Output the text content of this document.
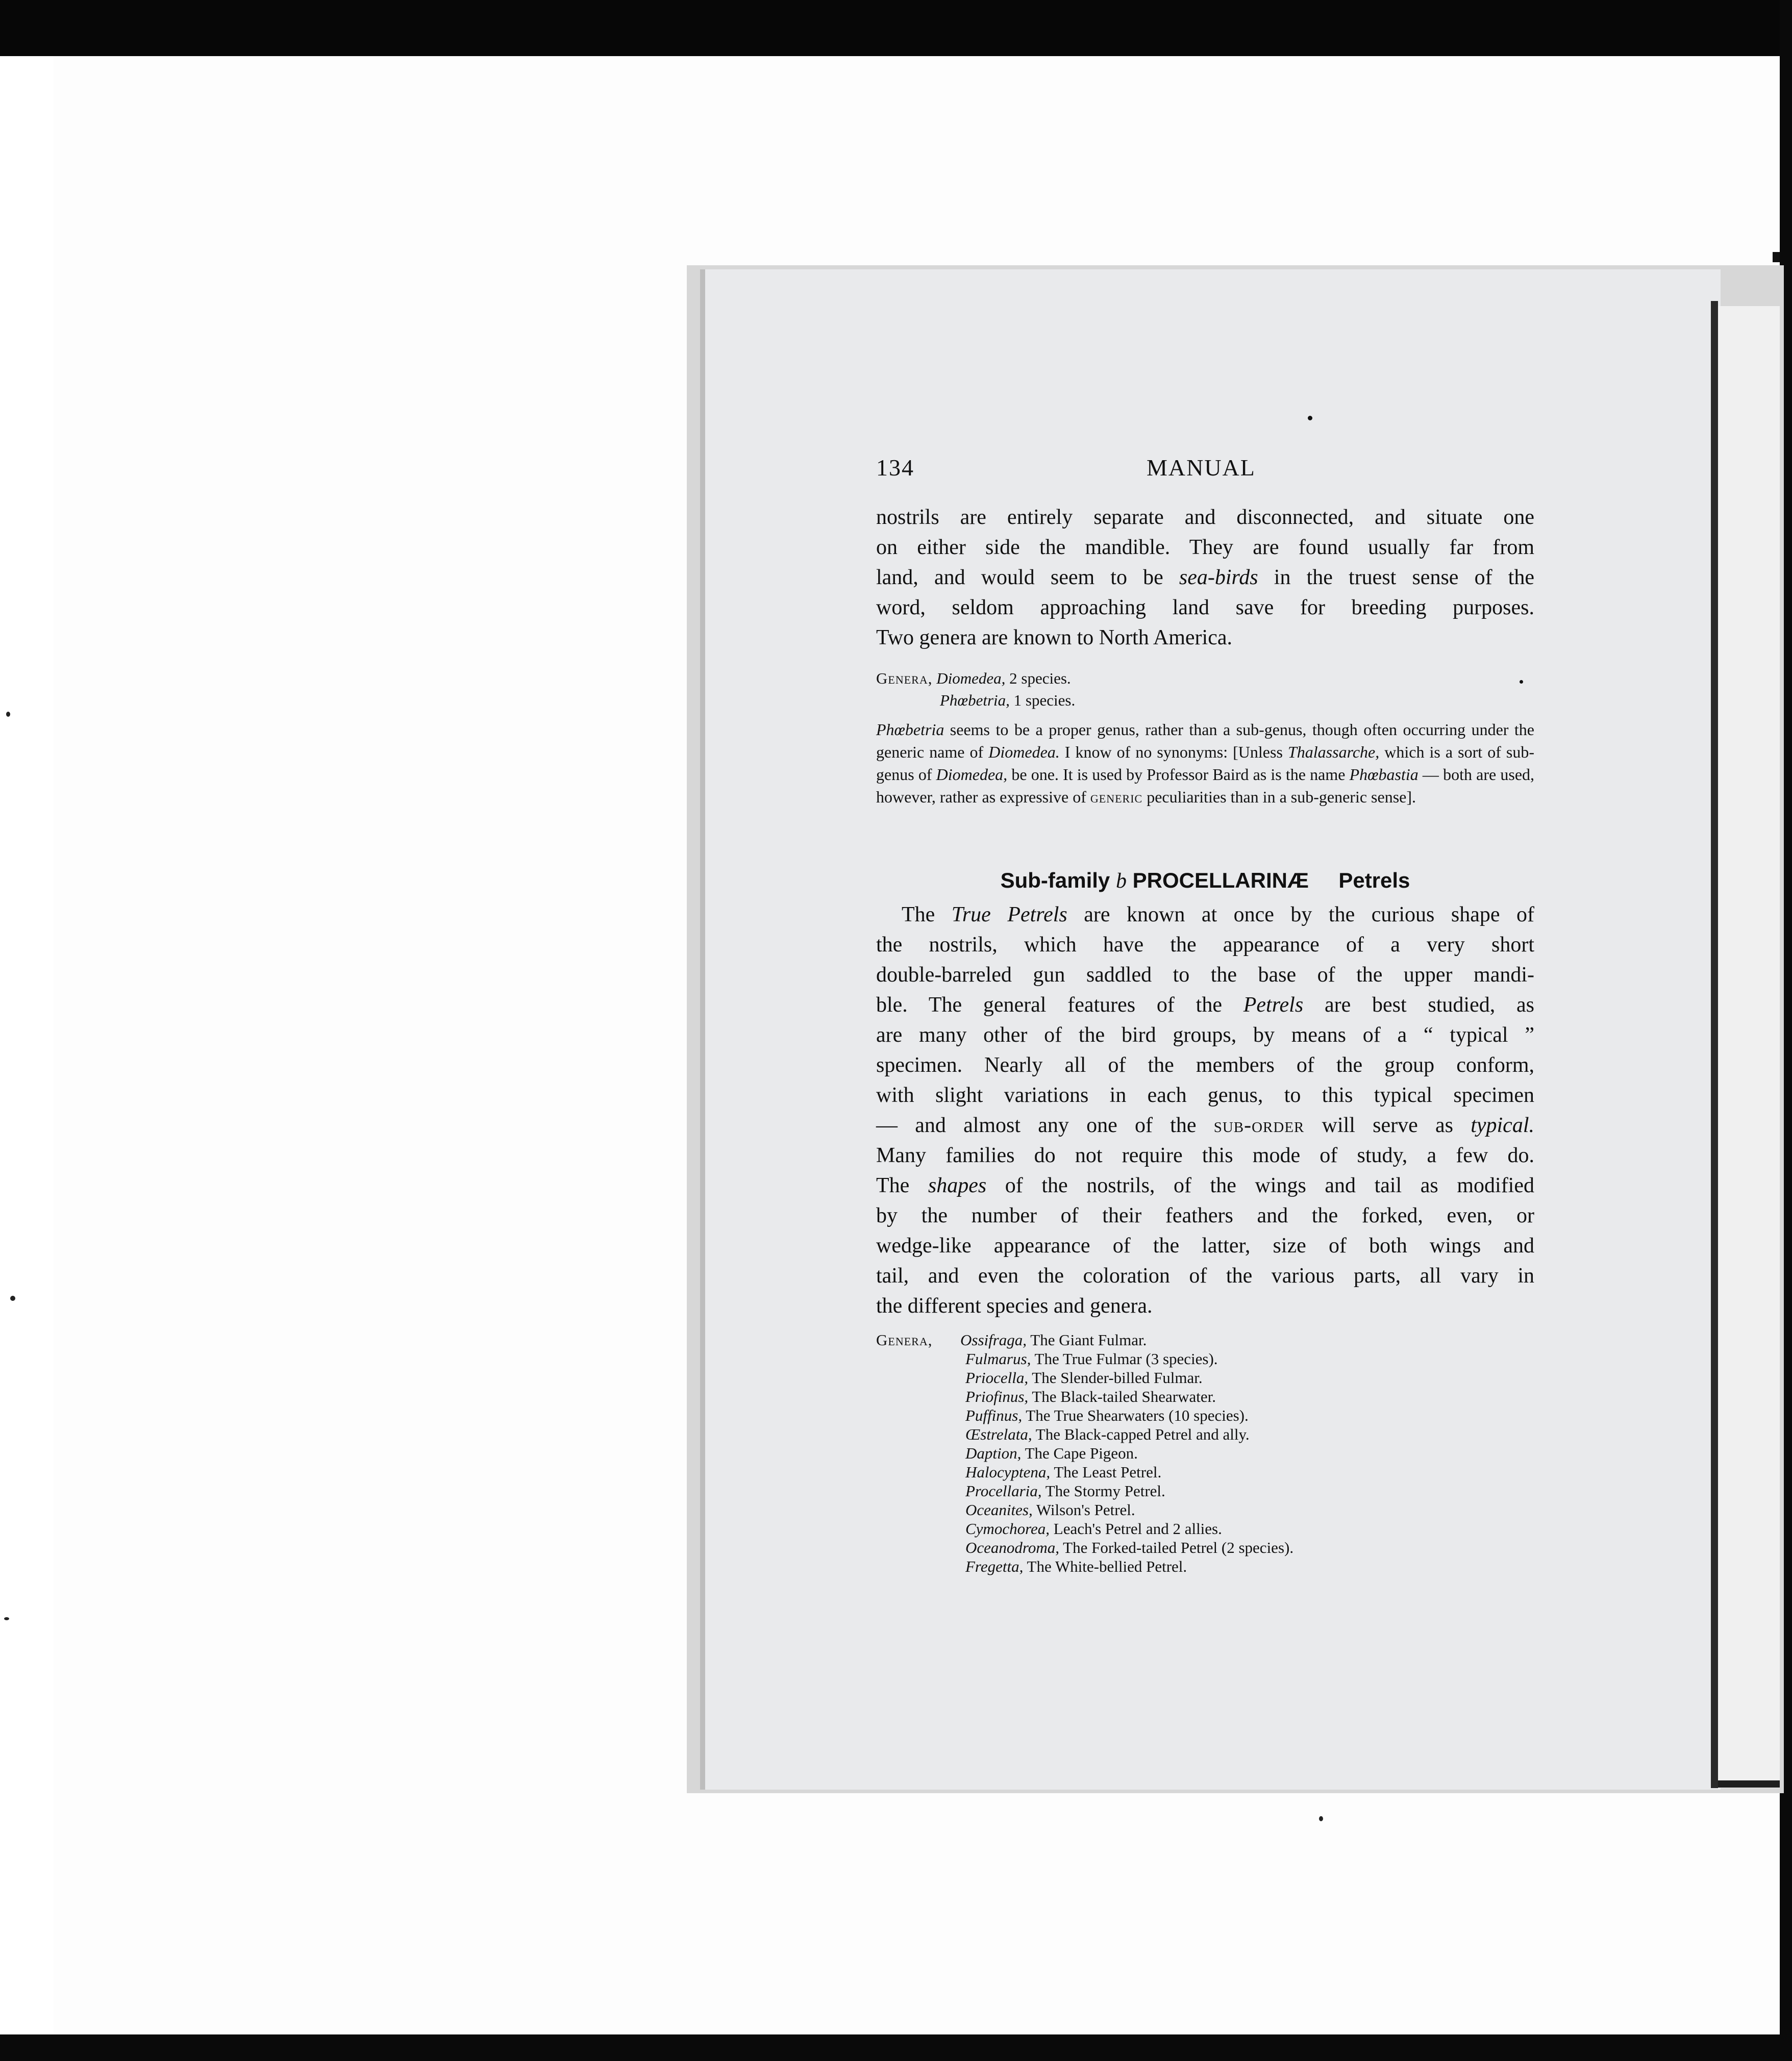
134	MANUAL
nostrils are entirely separate and disconnected, and situate one
on either side the mandible. They are found usually far from
land, and would seem to be sea-birds in the truest sense of the
word, seldom approaching land save for breeding purposes.
Two genera are known to North America.
Genera, Diomedea, 2 species.
Phœbetria, 1 species.
Phœbetria seems to be a proper genus, rather than a sub-genus, though often occurring under the generic name of Diomedea. I know of no synonyms: [Unless Thalassarche, which is a sort of sub-genus of Diomedea, be one. It is used by Professor Baird as is the name Phœbastia — both are used, however, rather as expressive of generic peculiarities than in a sub-generic sense].
Sub-family b PROCELLARINÆ Petrels
The True Petrels are known at once by the curious shape of
the nostrils, which have the appearance of a very short
double-barreled gun saddled to the base of the upper mandi-
ble. The general features of the Petrels are best studied, as
are many other of the bird groups, by means of a “ typical ”
specimen. Nearly all of the members of the group conform,
with slight variations in each genus, to this typical specimen
— and almost any one of the sub-order will serve as typical.
Many families do not require this mode of study, a few do.
The shapes of the nostrils, of the wings and tail as modified
by the number of their feathers and the forked, even, or
wedge-like appearance of the latter, size of both wings and
tail, and even the coloration of the various parts, all vary in
the different species and genera.
Genera, Ossifraga, The Giant Fulmar.
Fulmarus, The True Fulmar (3 species).
Priocella, The Slender-billed Fulmar.
Priofinus, The Black-tailed Shearwater.
Puffinus, The True Shearwaters (10 species).
Œstrelata, The Black-capped Petrel and ally.
Daption, The Cape Pigeon.
Halocyptena, The Least Petrel.
Procellaria, The Stormy Petrel.
Oceanites, Wilson's Petrel.
Cymochorea, Leach's Petrel and 2 allies.
Oceanodroma, The Forked-tailed Petrel (2 species).
Fregetta, The White-bellied Petrel.
